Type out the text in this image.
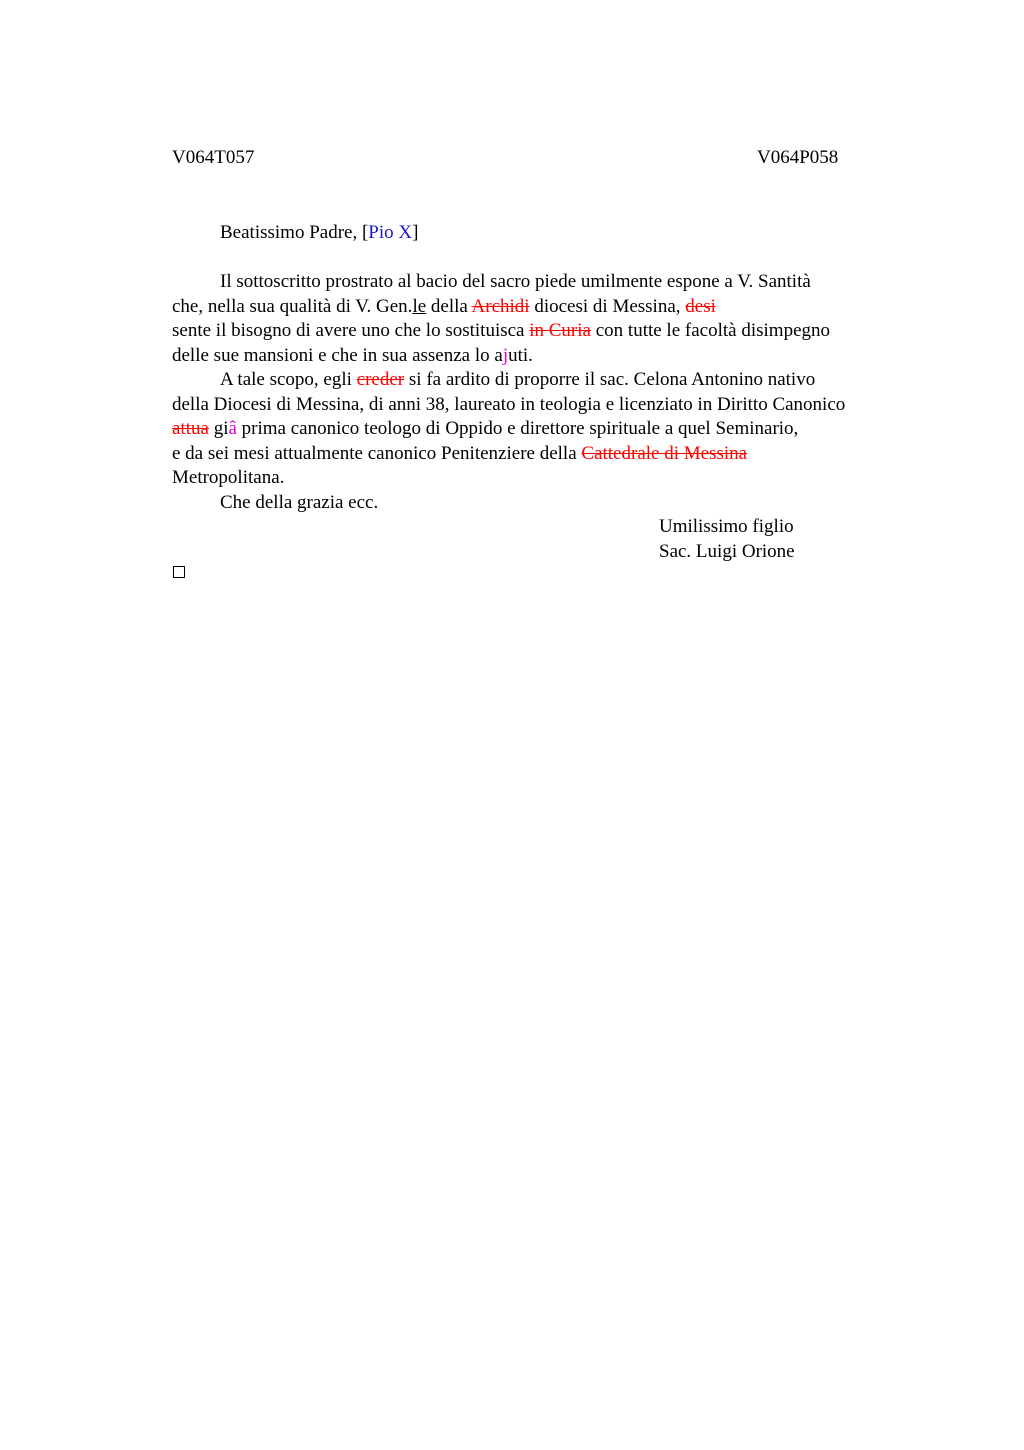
V064T057	V064P058
Beatissimo Padre, [Pio X]
Il sottoscritto prostrato al bacio del sacro piede umilmente espone a V. Santità
che, nella sua qualità di V. Gen.le della Archidi diocesi di Messina, desi
sente il bisogno di avere uno che lo sostituisca in Curia con tutte le facoltà disimpegno
delle sue mansioni e che in sua assenza lo ajuti.
A tale scopo, egli creder si fa ardito di proporre il sac. Celona Antonino nativo
della Diocesi di Messina, di anni 38, laureato in teologia e licenziato in Diritto Canonico
attua giâ prima canonico teologo di Oppido e direttore spirituale a quel Seminario,
e da sei mesi attualmente canonico Penitenziere della Cattedrale di Messina
Metropolitana.
Che della grazia ecc.
Umilissimo figlio
Sac. Luigi Orione
